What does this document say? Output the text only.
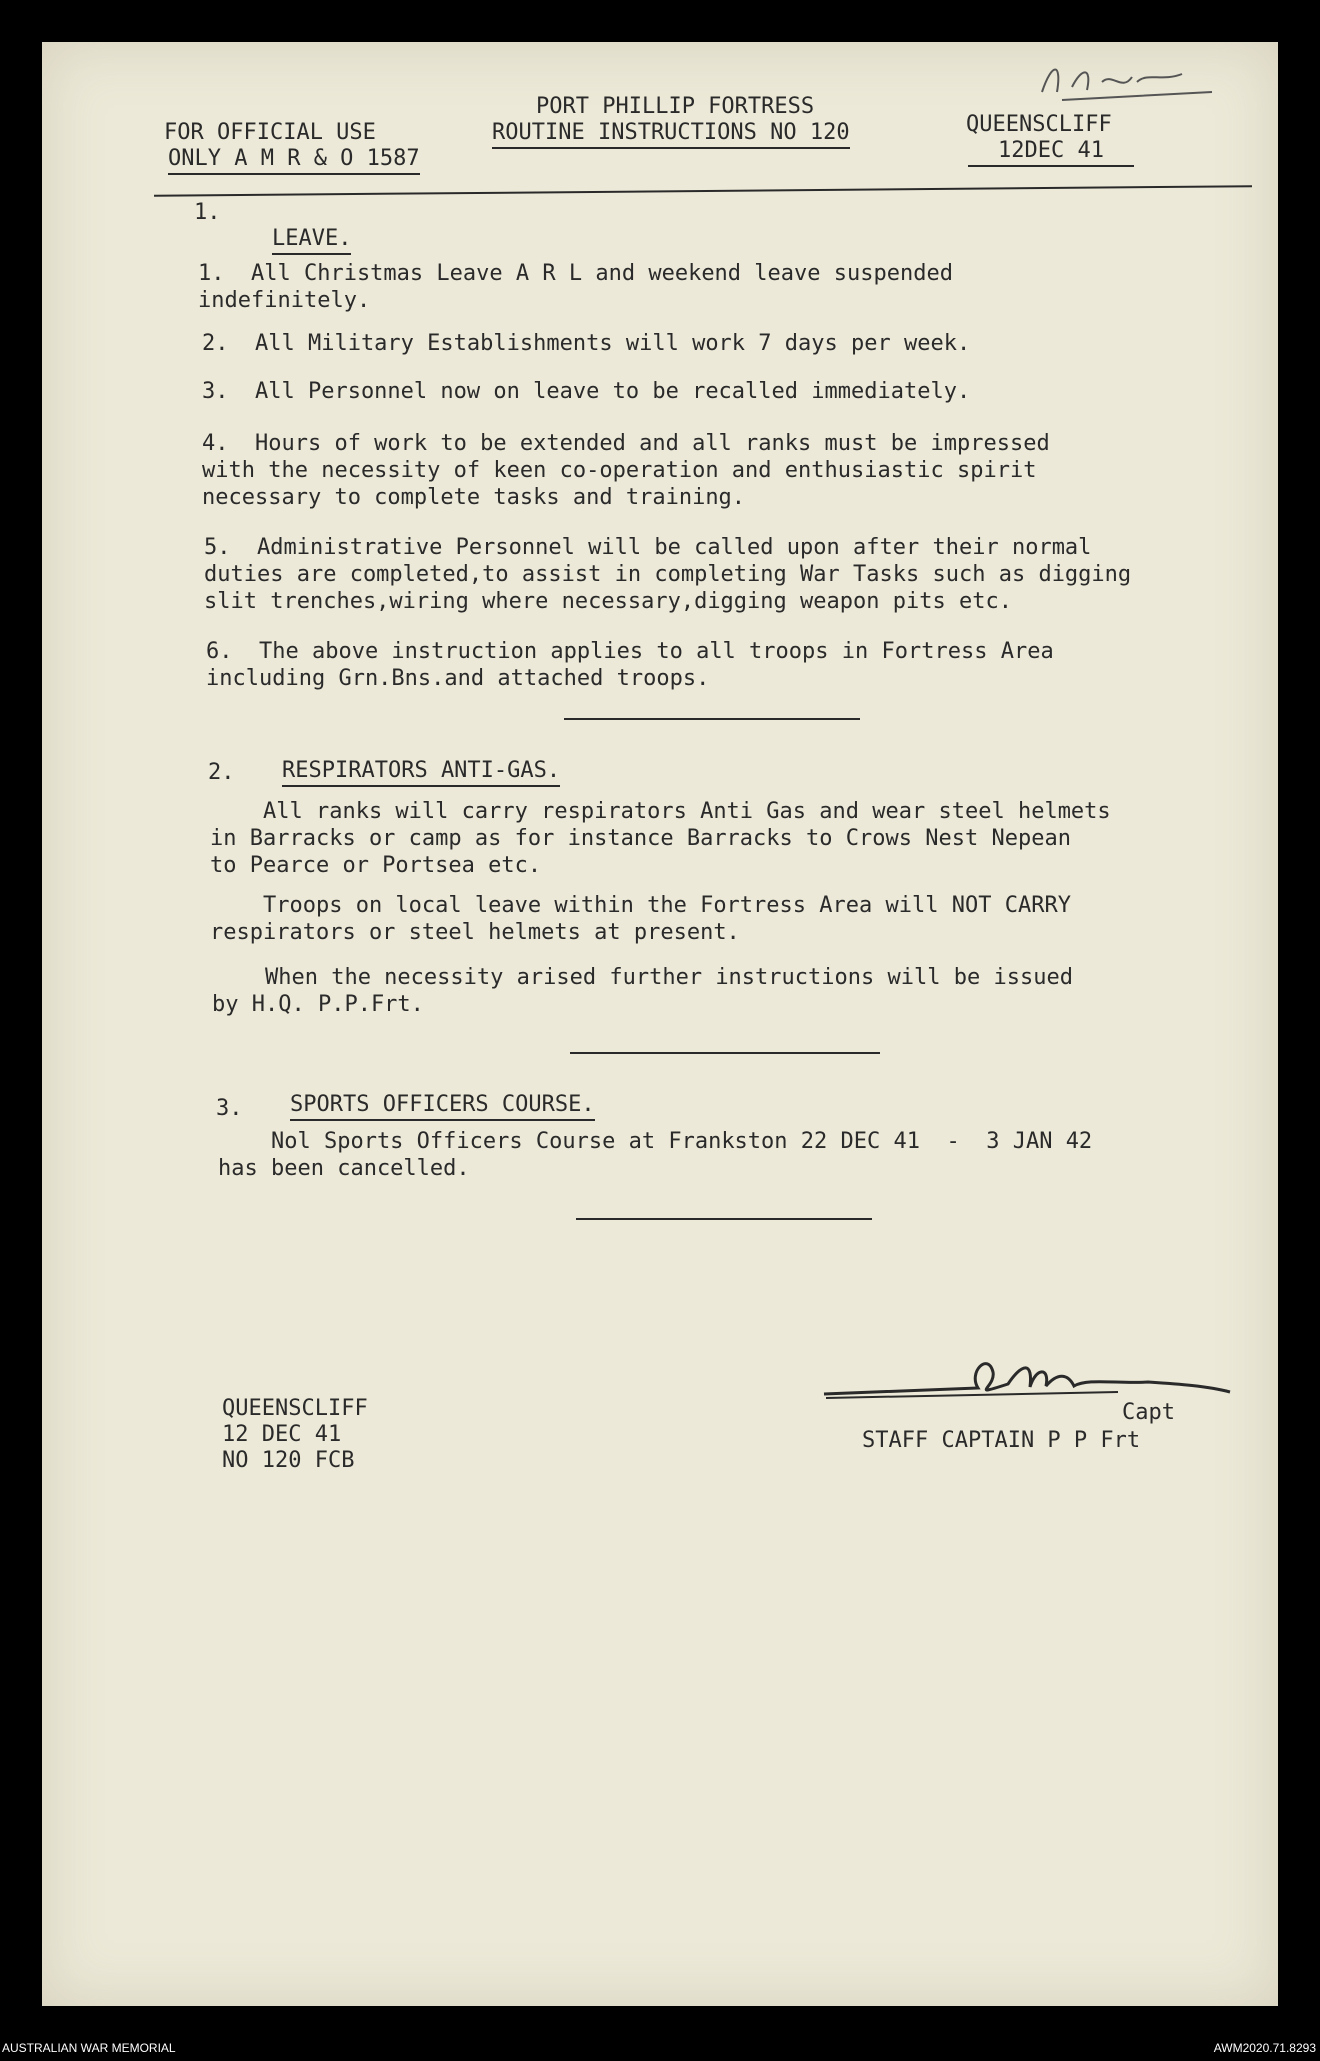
FOR OFFICIAL USE
ONLY A M R & O 1587
PORT PHILLIP FORTRESS
ROUTINE INSTRUCTIONS NO 120	QUEENSCLIFF
12DEC 41
1.
LEAVE.
1.  All Christmas Leave A R L and weekend leave suspended
indefinitely.
2.  All Military Establishments will work 7 days per week.
3.  All Personnel now on leave to be recalled immediately.
4.  Hours of work to be extended and all ranks must be impressed
with the necessity of keen co-operation and enthusiastic spirit
necessary to complete tasks and training.
5.  Administrative Personnel will be called upon after their normal
duties are completed,to assist in completing War Tasks such as digging
slit trenches,wiring where necessary,digging weapon pits etc.
6.  The above instruction applies to all troops in Fortress Area
including Grn.Bns.and attached troops.
2. RESPIRATORS ANTI-GAS.
All ranks will carry respirators Anti Gas and wear steel helmets
in Barracks or camp as for instance Barracks to Crows Nest Nepean
to Pearce or Portsea etc.
Troops on local leave within the Fortress Area will NOT CARRY
respirators or steel helmets at present.
When the necessity arised further instructions will be issued
by H.Q. P.P.Frt.
3. SPORTS OFFICERS COURSE.
Nol Sports Officers Course at Frankston 22 DEC 41  -  3 JAN 42
has been cancelled.
QUEENSCLIFF
12 DEC 41
NO 120 FCB
Capt
STAFF CAPTAIN P P Frt
AUSTRALIAN WAR MEMORIAL	AWM2020.71.8293
